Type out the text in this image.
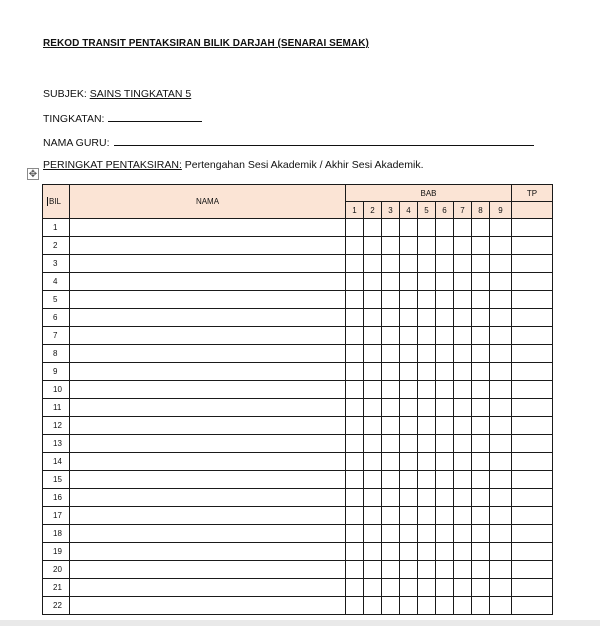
REKOD TRANSIT PENTAKSIRAN BILIK DARJAH (SENARAI SEMAK)
SUBJEK: SAINS TINGKATAN 5
TINGKATAN:
NAMA GURU:
PERINGKAT PENTAKSIRAN: Pertengahan Sesi Akademik / Akhir Sesi Akademik.
✥
BIL	NAMA	BAB									TP
		1	2	3	4	5	6	7	8	9	
1											
2											
3											
4											
5											
6											
7											
8											
9											
10											
11											
12											
13											
14											
15											
16											
17											
18											
19											
20											
21											
22											
